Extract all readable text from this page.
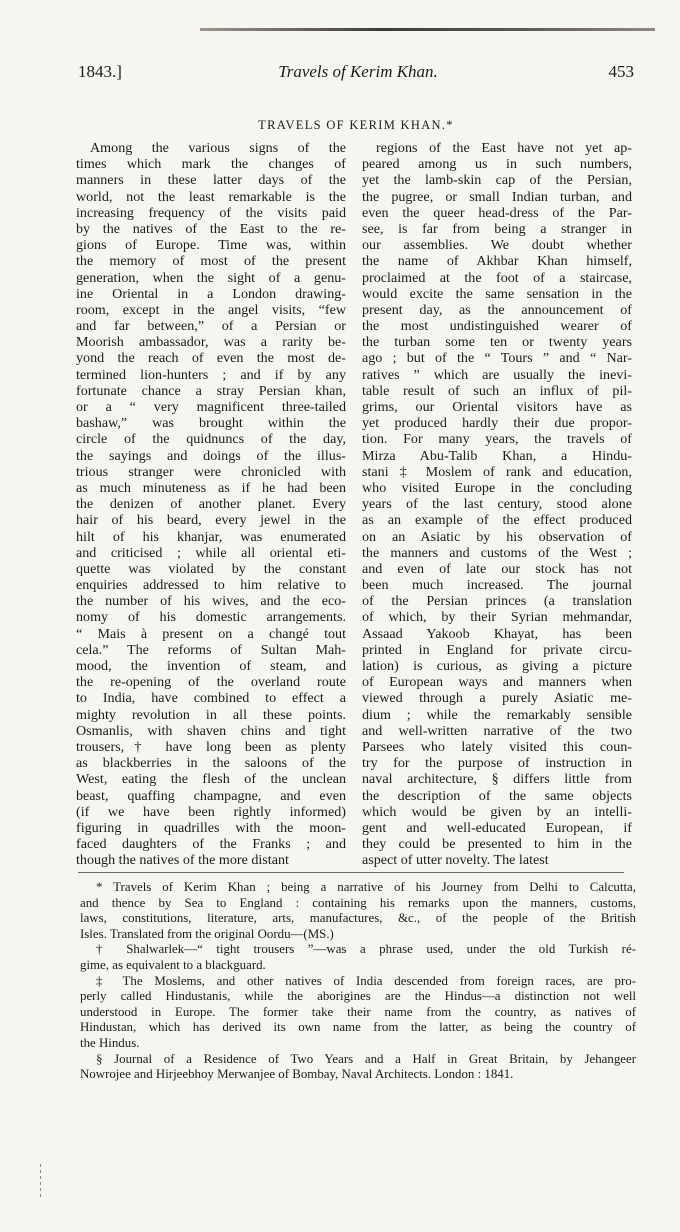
1843.]	Travels of Kerim Khan.	453
TRAVELS OF KERIM KHAN.*
Among the various signs of the
times which mark the changes of
manners in these latter days of the
world, not the least remarkable is the
increasing frequency of the visits paid
by the natives of the East to the re-
gions of Europe. Time was, within
the memory of most of the present
generation, when the sight of a genu-
ine Oriental in a London drawing-
room, except in the angel visits, “few
and far between,” of a Persian or
Moorish ambassador, was a rarity be-
yond the reach of even the most de-
termined lion-hunters ; and if by any
fortunate chance a stray Persian khan,
or a “ very magnificent three-tailed
bashaw,” was brought within the
circle of the quidnuncs of the day,
the sayings and doings of the illus-
trious stranger were chronicled with
as much minuteness as if he had been
the denizen of another planet. Every
hair of his beard, every jewel in the
hilt of his khanjar, was enumerated
and criticised ; while all oriental eti-
quette was violated by the constant
enquiries addressed to him relative to
the number of his wives, and the eco-
nomy of his domestic arrangements.
“ Mais à present on a changé tout
cela.” The reforms of Sultan Mah-
mood, the invention of steam, and
the re-opening of the overland route
to India, have combined to effect a
mighty revolution in all these points.
Osmanlis, with shaven chins and tight
trousers,† have long been as plenty
as blackberries in the saloons of the
West, eating the flesh of the unclean
beast, quaffing champagne, and even
(if we have been rightly informed)
figuring in quadrilles with the moon-
faced daughters of the Franks ; and
though the natives of the more distant
regions of the East have not yet ap-
peared among us in such numbers,
yet the lamb-skin cap of the Persian,
the pugree, or small Indian turban, and
even the queer head-dress of the Par-
see, is far from being a stranger in
our assemblies. We doubt whether
the name of Akhbar Khan himself,
proclaimed at the foot of a staircase,
would excite the same sensation in the
present day, as the announcement of
the most undistinguished wearer of
the turban some ten or twenty years
ago ; but of the “ Tours ” and “ Nar-
ratives ” which are usually the inevi-
table result of such an influx of pil-
grims, our Oriental visitors have as
yet produced hardly their due propor-
tion. For many years, the travels of
Mirza Abu-Talib Khan, a Hindu-
stani ‡ Moslem of rank and education,
who visited Europe in the concluding
years of the last century, stood alone
as an example of the effect produced
on an Asiatic by his observation of
the manners and customs of the West ;
and even of late our stock has not
been much increased. The journal
of the Persian princes (a translation
of which, by their Syrian mehmandar,
Assaad Yakoob Khayat, has been
printed in England for private circu-
lation) is curious, as giving a picture
of European ways and manners when
viewed through a purely Asiatic me-
dium ; while the remarkably sensible
and well-written narrative of the two
Parsees who lately visited this coun-
try for the purpose of instruction in
naval architecture, § differs little from
the description of the same objects
which would be given by an intelli-
gent and well-educated European, if
they could be presented to him in the
aspect of utter novelty. The latest
* Travels of Kerim Khan ; being a narrative of his Journey from Delhi to Calcutta,
and thence by Sea to England : containing his remarks upon the manners, customs,
laws, constitutions, literature, arts, manufactures, &c., of the people of the British
Isles. Translated from the original Oordu—(MS.)
† Shalwarlek—“ tight trousers ”—was a phrase used, under the old Turkish ré-
gime, as equivalent to a blackguard.
‡ The Moslems, and other natives of India descended from foreign races, are pro-
perly called Hindustanis, while the aborigines are the Hindus—a distinction not well
understood in Europe. The former take their name from the country, as natives of
Hindustan, which has derived its own name from the latter, as being the country of
the Hindus.
§ Journal of a Residence of Two Years and a Half in Great Britain, by Jehangeer
Nowrojee and Hirjeebhoy Merwanjee of Bombay, Naval Architects. London : 1841.
